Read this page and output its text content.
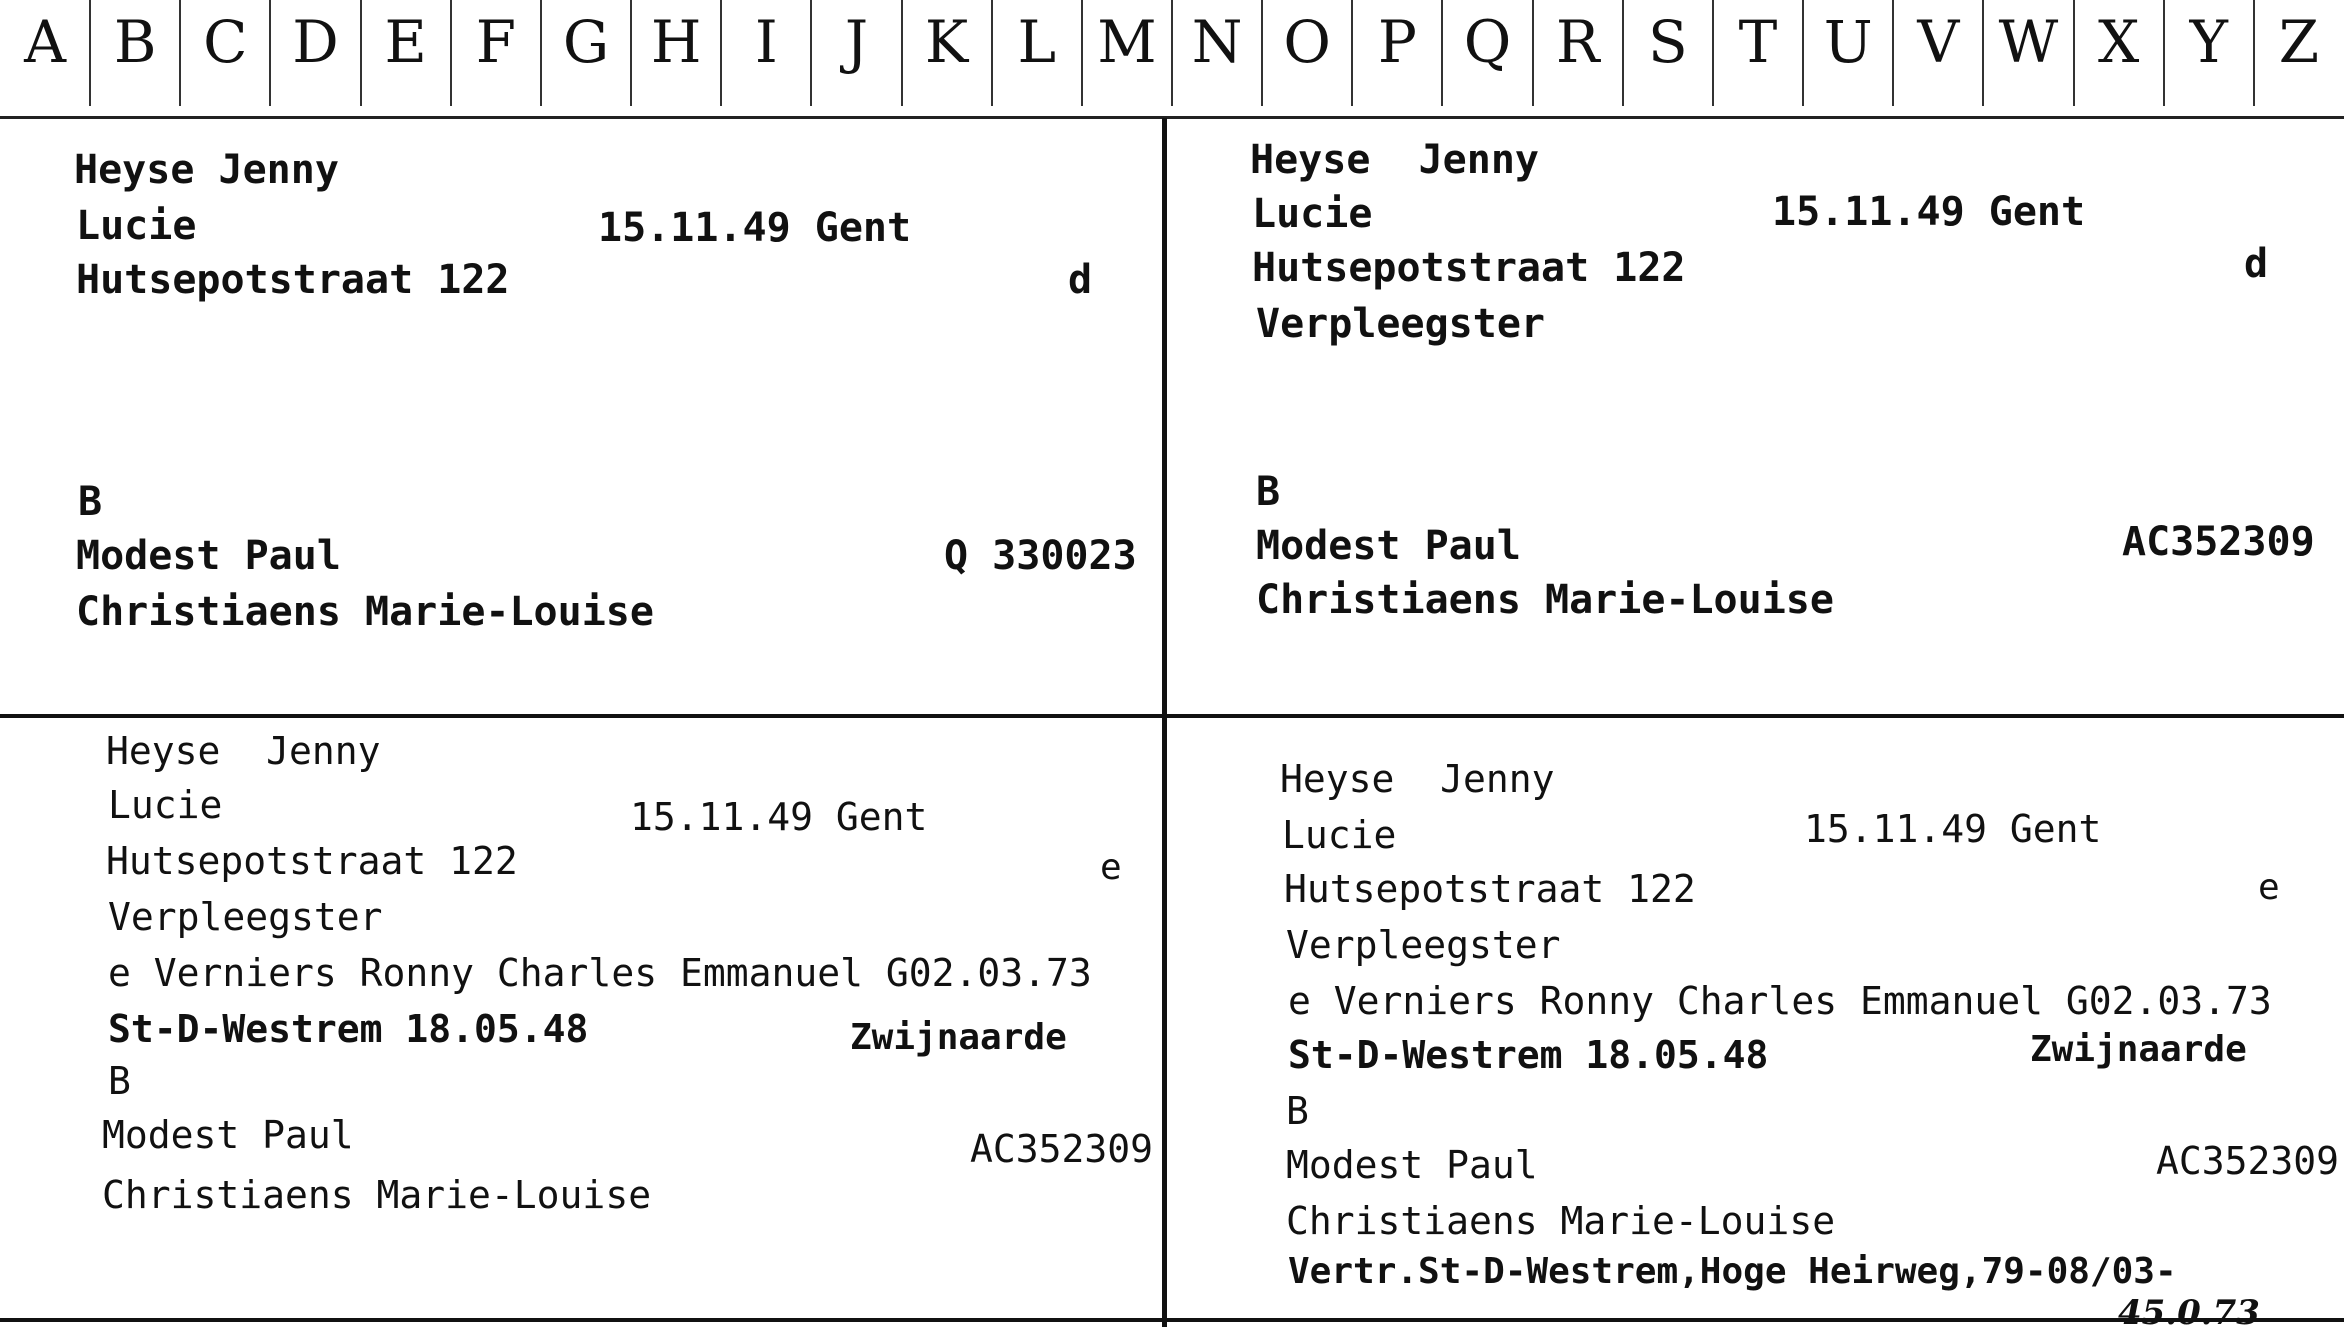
A B C D E F G H I	J K L M N O P Q R S T U V W X Y Z
Heyse Jenny
Lucie	15.11.49 Gent
Hutsepotstraat 122	d
B
Modest Paul	Q 330023
Christiaens Marie-Louise
Heyse  Jenny
Lucie	15.11.49 Gent
Hutsepotstraat 122	d
Verpleegster
B
Modest Paul	AC352309
Christiaens Marie-Louise
Heyse  Jenny
Lucie	15.11.49 Gent
Hutsepotstraat 122	e
Verpleegster
e Verniers Ronny Charles Emmanuel G02.03.73
St-D-Westrem 18.05.48	Zwijnaarde
B
Modest Paul	AC352309
Christiaens Marie-Louise
Heyse  Jenny
Lucie	15.11.49 Gent
Hutsepotstraat 122	e
Verpleegster
e Verniers Ronny Charles Emmanuel G02.03.73
St-D-Westrem 18.05.48	Zwijnaarde
B
Modest Paul	AC352309
Christiaens Marie-Louise
Vertr.St-D-Westrem,Hoge Heirweg,79-08/03-
45.0.73
